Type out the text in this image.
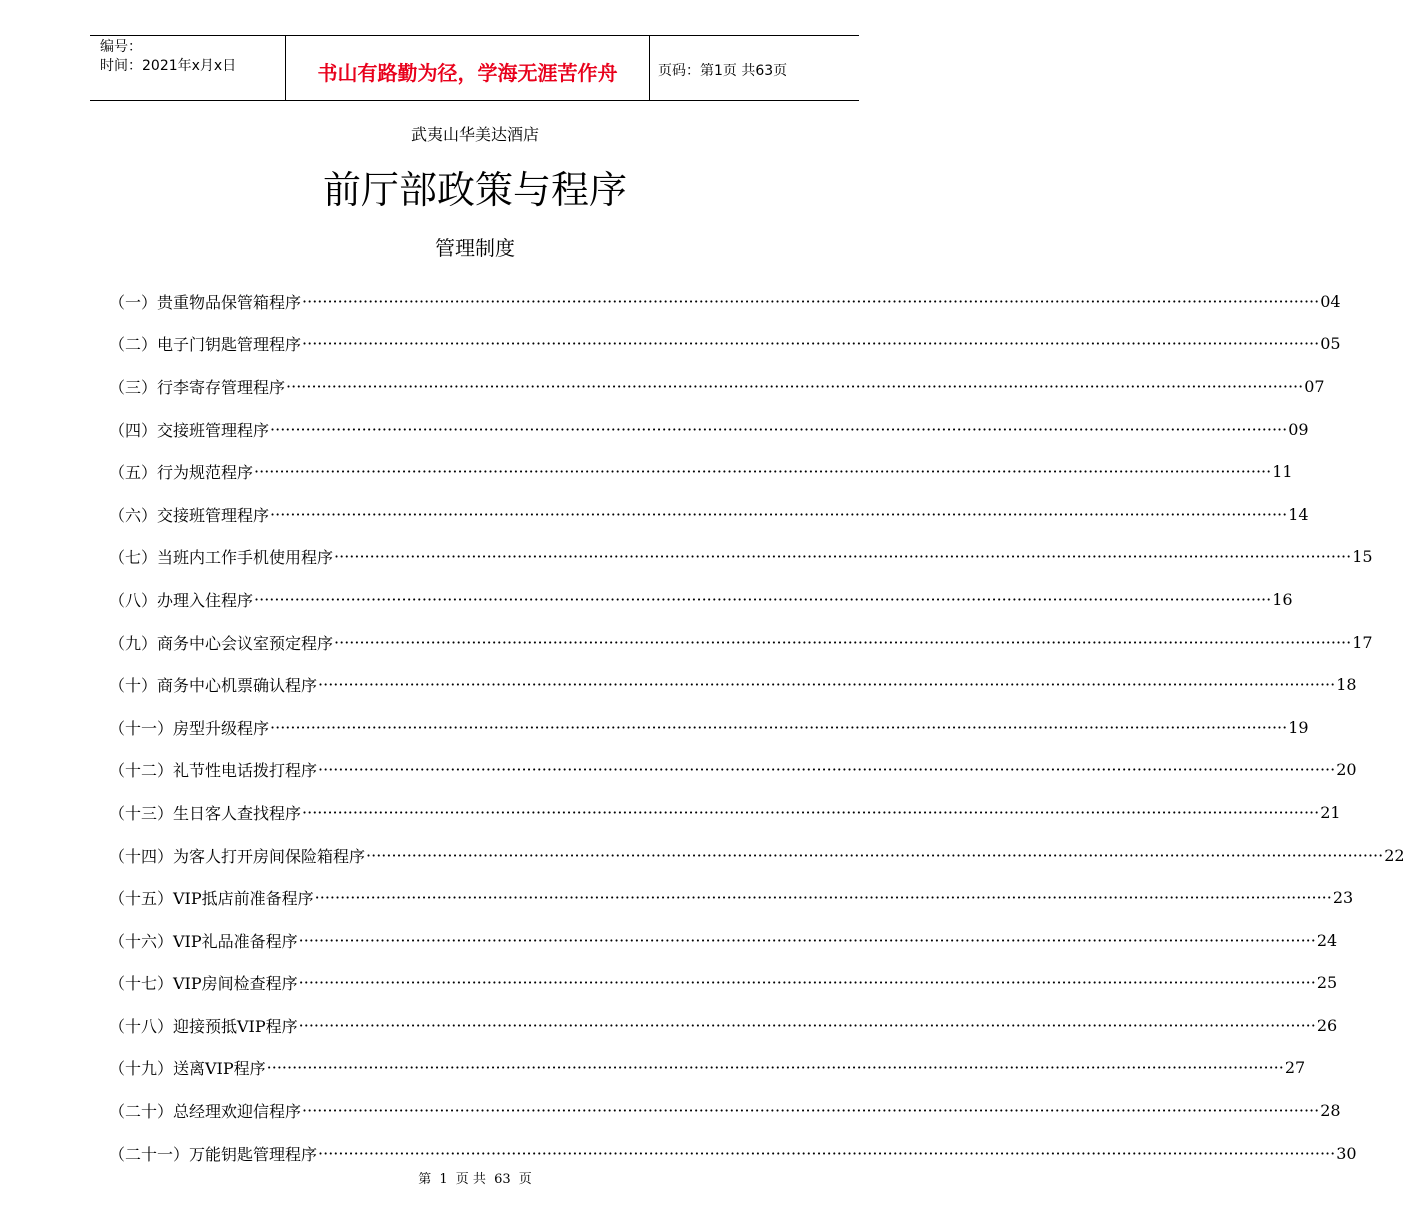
编号：
时间：2021年x月x日	书山有路勤为径，学海无涯苦作舟	页码：第1页 共63页
武夷山华美达酒店
前厅部政策与程序
管理制度
（一）贵重物品保管箱程序 ········································································································································································································ 04
（二）电子门钥匙管理程序 ········································································································································································································ 05
（三）行李寄存管理程序 ········································································································································································································ 07
（四）交接班管理程序 ········································································································································································································ 09
（五）行为规范程序 ········································································································································································································ 11
（六）交接班管理程序 ········································································································································································································ 14
（七）当班内工作手机使用程序 ········································································································································································································ 15
（八）办理入住程序 ········································································································································································································ 16
（九）商务中心会议室预定程序 ········································································································································································································ 17
（十）商务中心机票确认程序 ········································································································································································································ 18
（十一）房型升级程序 ········································································································································································································ 19
（十二）礼节性电话拨打程序 ········································································································································································································ 20
（十三）生日客人查找程序 ········································································································································································································ 21
（十四）为客人打开房间保险箱程序 ········································································································································································································ 22
（十五）VIP抵店前准备程序 ········································································································································································································ 23
（十六）VIP礼品准备程序 ········································································································································································································ 24
（十七）VIP房间检查程序 ········································································································································································································ 25
（十八）迎接预抵VIP程序 ········································································································································································································ 26
（十九）送离VIP程序 ········································································································································································································ 27
（二十）总经理欢迎信程序 ········································································································································································································ 28
（二十一）万能钥匙管理程序 ········································································································································································································ 30
第 1 页 共 63 页
